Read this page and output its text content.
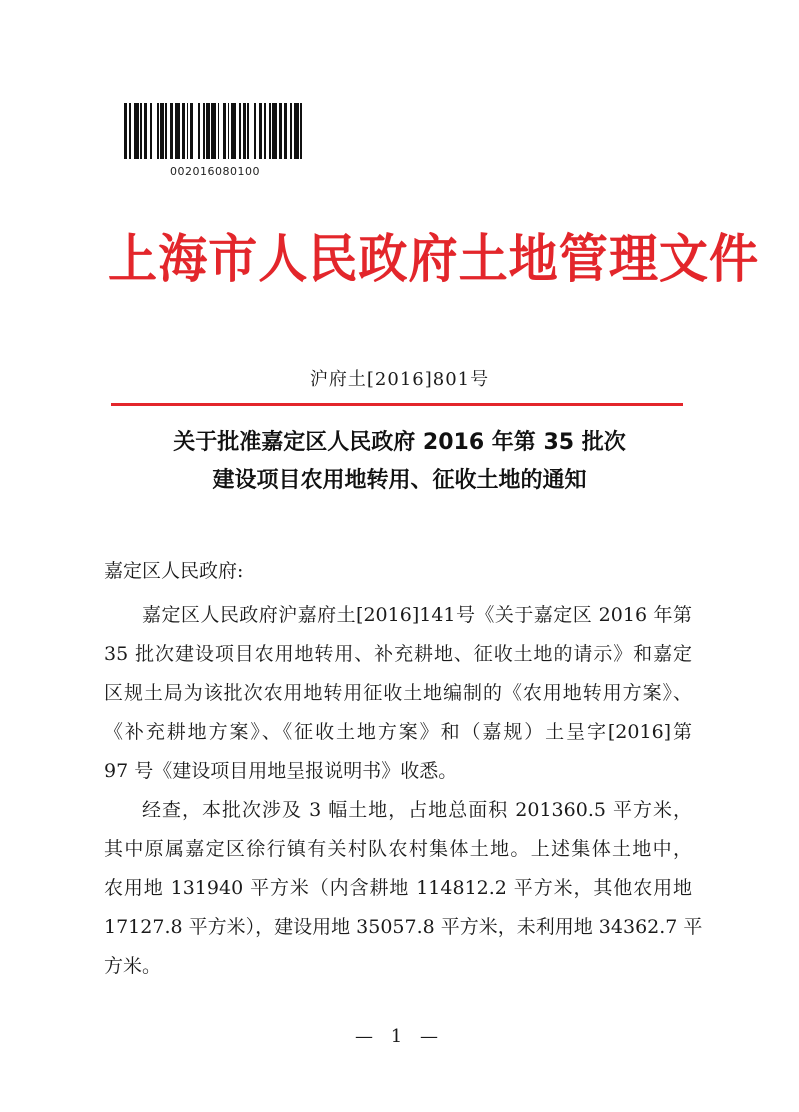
002016080100
上海市人民政府土地管理文件
沪府土[2016]801号
关于批准嘉定区人民政府 2016 年第 35 批次
建设项目农用地转用、征收土地的通知
嘉定区人民政府:
嘉定区人民政府沪嘉府土[2016]141号《关于嘉定区 2016 年第
35 批次建设项目农用地转用、补充耕地、征收土地的请示》和嘉定
区规土局为该批次农用地转用征收土地编制的《农用地转用方案》、
《补充耕地方案》、《征收土地方案》和（嘉规）土呈字[2016]第
97 号《建设项目用地呈报说明书》收悉。
经查，本批次涉及 3 幅土地，占地总面积 201360.5 平方米，
其中原属嘉定区徐行镇有关村队农村集体土地。上述集体土地中，
农用地 131940 平方米（内含耕地 114812.2 平方米，其他农用地
17127.8 平方米），建设用地 35057.8 平方米，未利用地 34362.7 平
方米。
— 1 —
